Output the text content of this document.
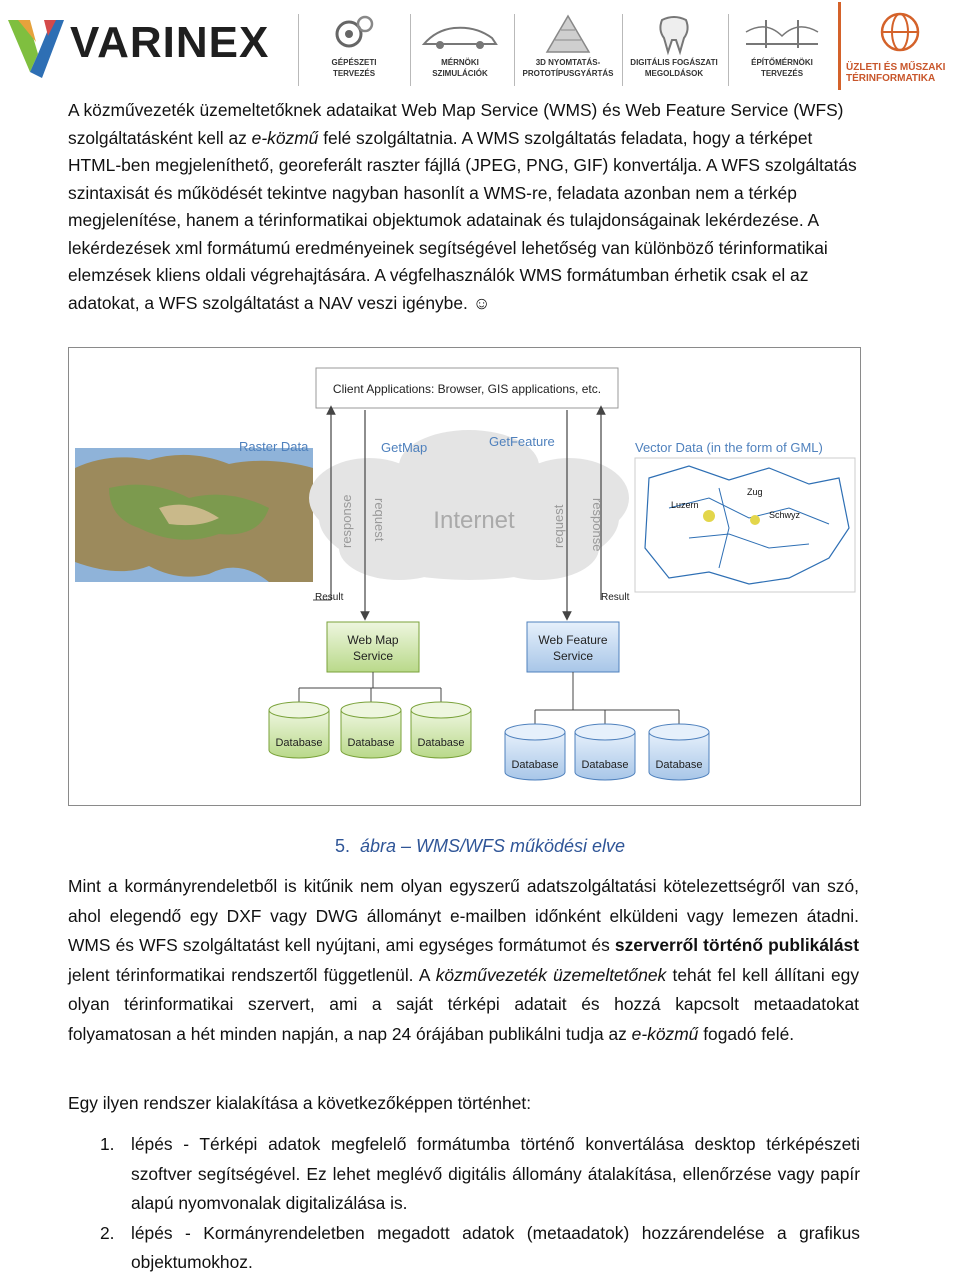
VARINEX	GÉPÉSZETI
TERVEZÉS
MÉRNÖKI
SZIMULÁCIÓK
3D NYOMTATÁS-
PROTOTÍPUSGYÁRTÁS
DIGITÁLIS FOGÁSZATI
MEGOLDÁSOK
ÉPÍTŐMÉRNÖKI
TERVEZÉS
ÜZLETI ÉS MŰSZAKI
TÉRINFORMATIKA

A közművezeték üzemeltetőknek adataikat Web Map Service (WMS) és Web Feature Service (WFS) szolgáltatásként kell az e-közmű felé szolgáltatnia. A WMS szolgáltatás feladata, hogy a térképet HTML-ben megjeleníthető, georeferált raszter fájllá (JPEG, PNG, GIF) konvertálja. A WFS szolgáltatás szintaxisát és működését tekintve nagyban hasonlít a WMS-re, feladata azonban nem a térkép megjelenítése, hanem a térinformatikai objektumok adatainak és tulajdonságainak lekérdezése. A lekérdezések xml formátumú eredményeinek segítségével lehetőség van különböző térinformatikai elemzések kliens oldali végrehajtására. A végfelhasználók WMS formátumban érhetik csak el az adatokat, a WFS szolgáltatást a NAV veszi igénybe. ☺

Client Applications: Browser, GIS applications, etc.
Raster Data	Vector Data (in the form of GML)
Luzern
Zug
Schwyz
Internet
GetMap	GetFeature
response request	request response
Result	Result
Web Map
Service
Web Feature
Service
Database Database Database
Database Database Database
5. ábra – WMS/WFS működési elve

Mint a kormányrendeletből is kitűnik nem olyan egyszerű adatszolgáltatási kötelezettségről van szó, ahol elegendő egy DXF vagy DWG állományt e-mailben időnként elküldeni vagy lemezen átadni. WMS és WFS szolgáltatást kell nyújtani, ami egységes formátumot és szerverről történő publikálást jelent térinformatikai rendszertől függetlenül. A közművezeték üzemeltetőnek tehát fel kell állítani egy olyan térinformatikai szervert, ami a saját térképi adatait és hozzá kapcsolt metaadatokat folyamatosan a hét minden napján, a nap 24 órájában publikálni tudja az e-közmű fogadó felé.

Egy ilyen rendszer kialakítása a következőképpen történhet:
1. lépés - Térképi adatok megfelelő formátumba történő konvertálása desktop térképészeti szoftver segítségével. Ez lehet meglévő digitális állomány átalakítása, ellenőrzése vagy papír alapú nyomvonalak digitalizálása is.
2. lépés - Kormányrendeletben megadott adatok (metaadatok) hozzárendelése a grafikus objektumokhoz.
